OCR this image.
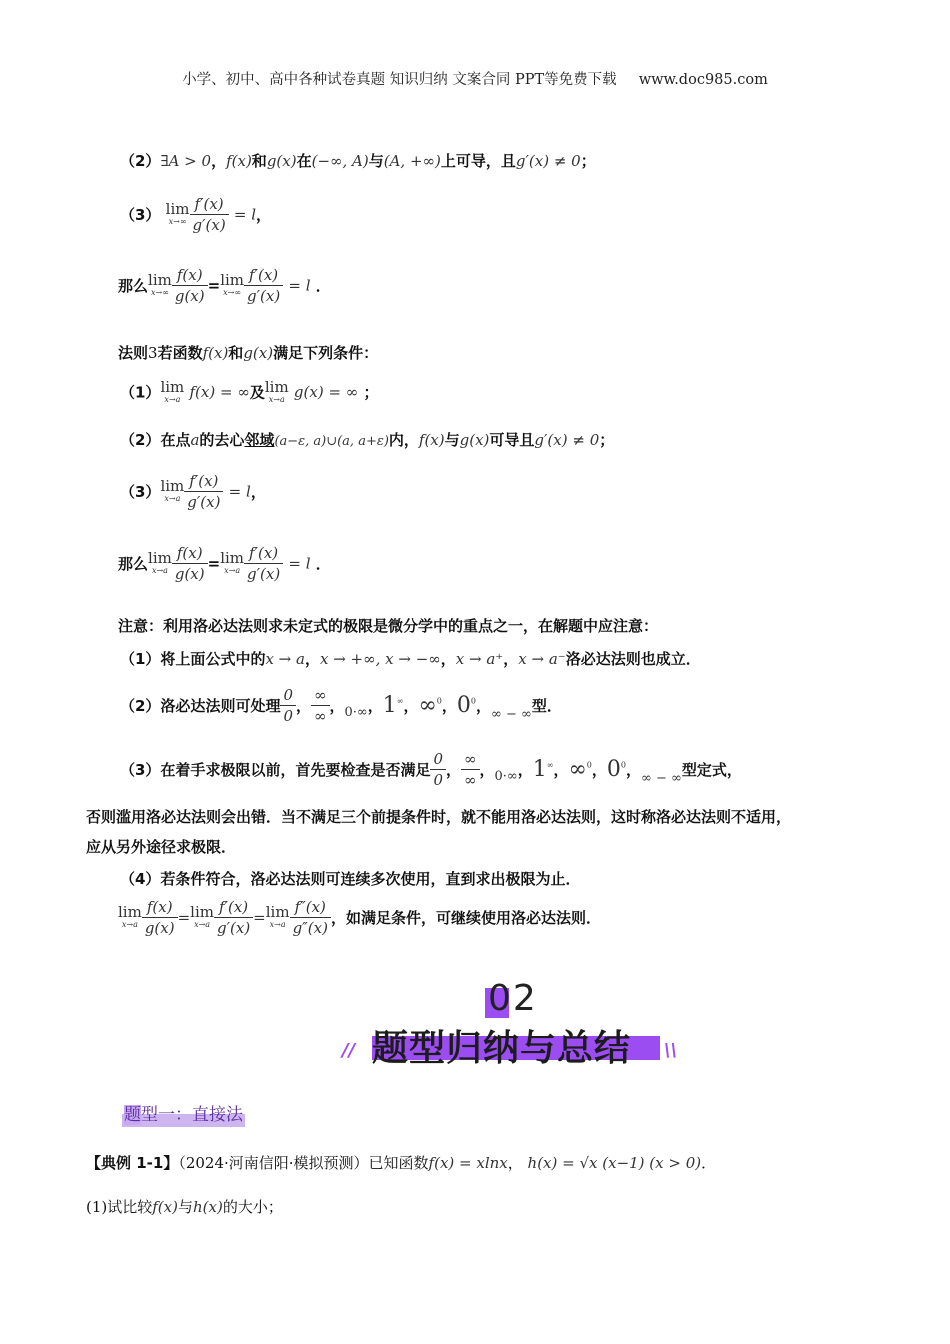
小学、初中、高中各种试卷真题 知识归纳 文案合同 PPT等免费下载 www.doc985.com
（2）∃A > 0，f(x)和g(x)在(−∞, A)与(A, +∞)上可导，且g′(x) ≠ 0；
（3） lim
$x\to\infty \frac{f'(x)}{g'(x)} = l$，
那么lim
$x\to\infty \frac{f(x)}{g(x)} =\lim$
$x\to\infty \frac{f'(x)}{g'(x)} = l$ ．
法则3若函数f(x)和g(x)满足下列条件：
（1）lim
x→a f(x) = ∞及lim
x→a g(x) = ∞ ；
（2）在点a的去心邻域(a−ε, a)∪(a, a+ε)内，f(x)与g(x)可导且g′(x) ≠ 0；
（3）lim
$x\to a \frac{f'(x)}{g'(x)} = l$，
那么lim
$x\to a \frac{f(x)}{g(x)} =\lim$
$x\to a \frac{f'(x)}{g'(x)} = l$ ．
注意：利用洛必达法则求未定式的极限是微分学中的重点之一，在解题中应注意：
（1）将上面公式中的x → a，x → +∞, x → −∞，x → a⁺，x → a⁻洛必达法则也成立．
（2）洛必达法则可处理 $\frac{0}{0}$ ， $\frac{\infty}{\infty}$ ，0·∞，1∞，∞$^0$，$0^0$，∞ − ∞型．
（3）在着手求极限以前，首先要检查是否满足 $\frac{0}{0}$ ， $\frac{\infty}{\infty}$ ，0·∞，1∞，∞$^0$，$0^0$，∞ − ∞型定式，
否则滥用洛必达法则会出错．当不满足三个前提条件时，就不能用洛必达法则，这时称洛必达法则不适用，
应从另外途径求极限．
（4）若条件符合，洛必达法则可连续多次使用，直到求出极限为止．
lim
$x\to a \frac{f(x)}{g(x)} =\lim$
$x\to a \frac{f'(x)}{g'(x)} =\lim$
$x\to a \frac{f''(x)}{g''(x)}$ ，如满足条件，可继续使用洛必达法则．
02
题型归纳与总结
//	\\
题型一：直接法
【典例 1-1】（2024·河南信阳·模拟预测）已知函数f(x) = xlnx， h(x) = √x (x−1) (x > 0)．
(1)试比较f(x)与h(x)的大小；
